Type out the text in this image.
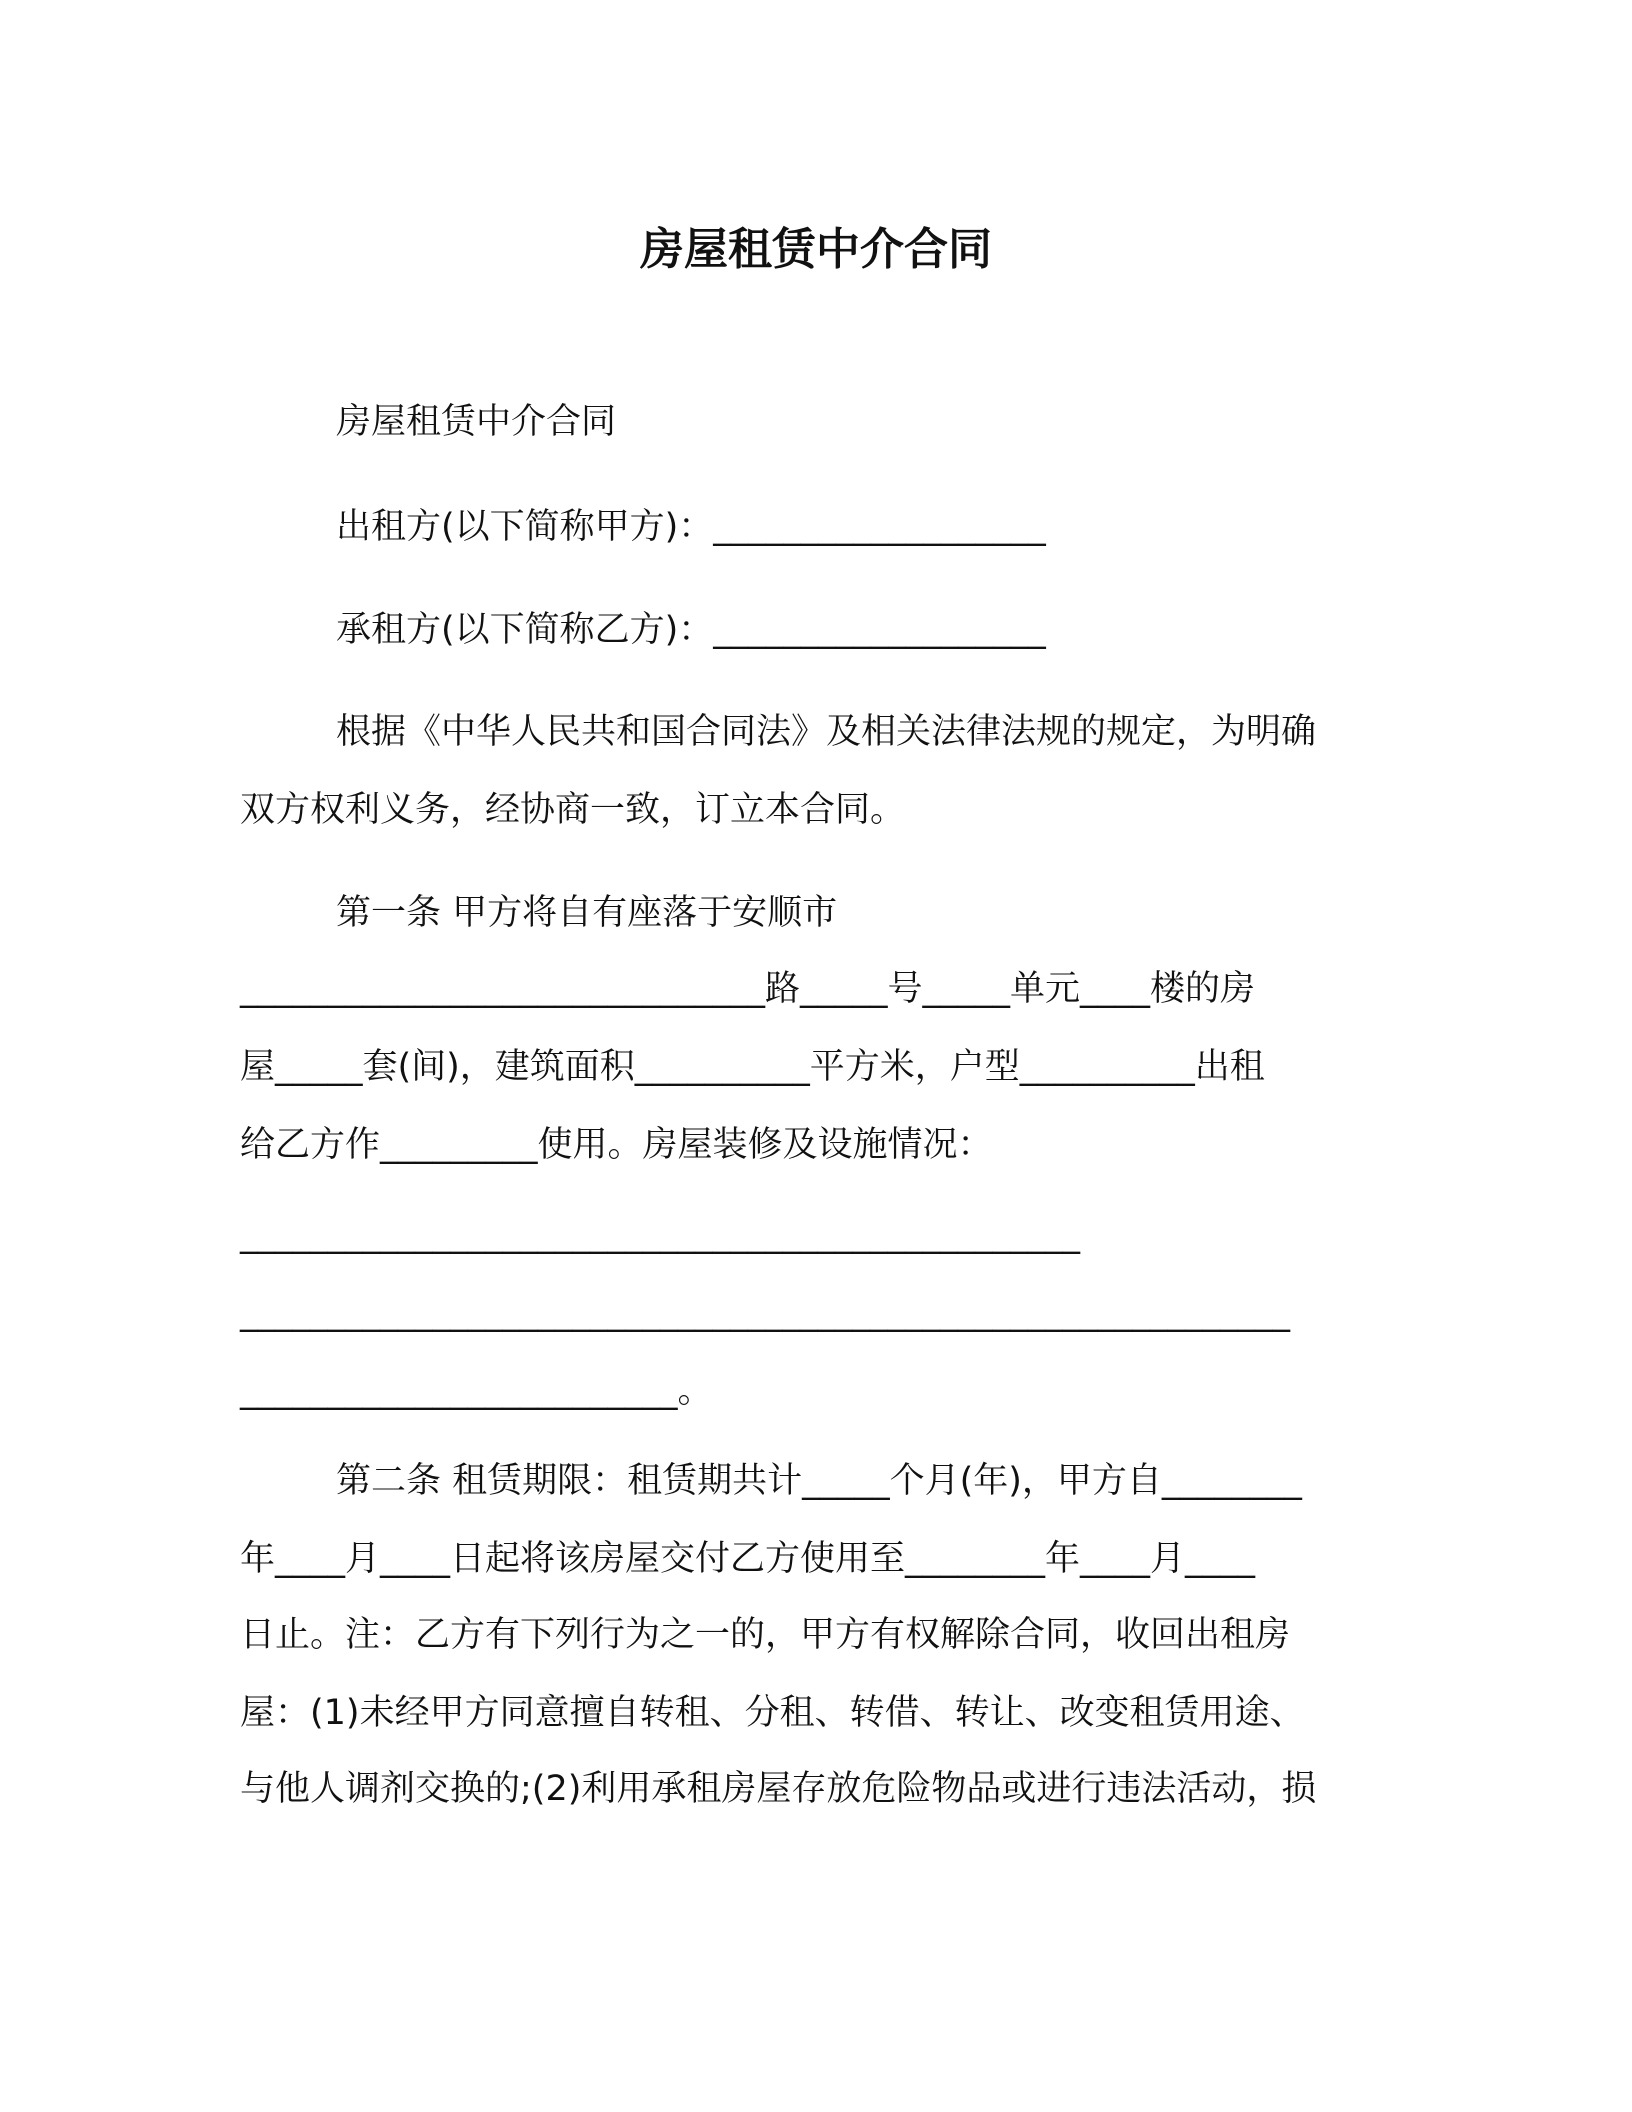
房屋租赁中介合同
房屋租赁中介合同
出租方(以下简称甲方)：___________________
承租方(以下简称乙方)：___________________
根据《中华人民共和国合同法》及相关法律法规的规定，为明确
双方权利义务，经协商一致，订立本合同。
第一条 甲方将自有座落于安顺市
______________________________路_____号_____单元____楼的房
屋_____套(间)，建筑面积__________平方米，户型__________出租
给乙方作_________使用。房屋装修及设施情况：
________________________________________________
____________________________________________________________
_________________________。
第二条 租赁期限：租赁期共计_____个月(年)，甲方自________
年____月____日起将该房屋交付乙方使用至________年____月____
日止。注：乙方有下列行为之一的，甲方有权解除合同，收回出租房
屋：(1)未经甲方同意擅自转租、分租、转借、转让、改变租赁用途、
与他人调剂交换的;(2)利用承租房屋存放危险物品或进行违法活动，损
